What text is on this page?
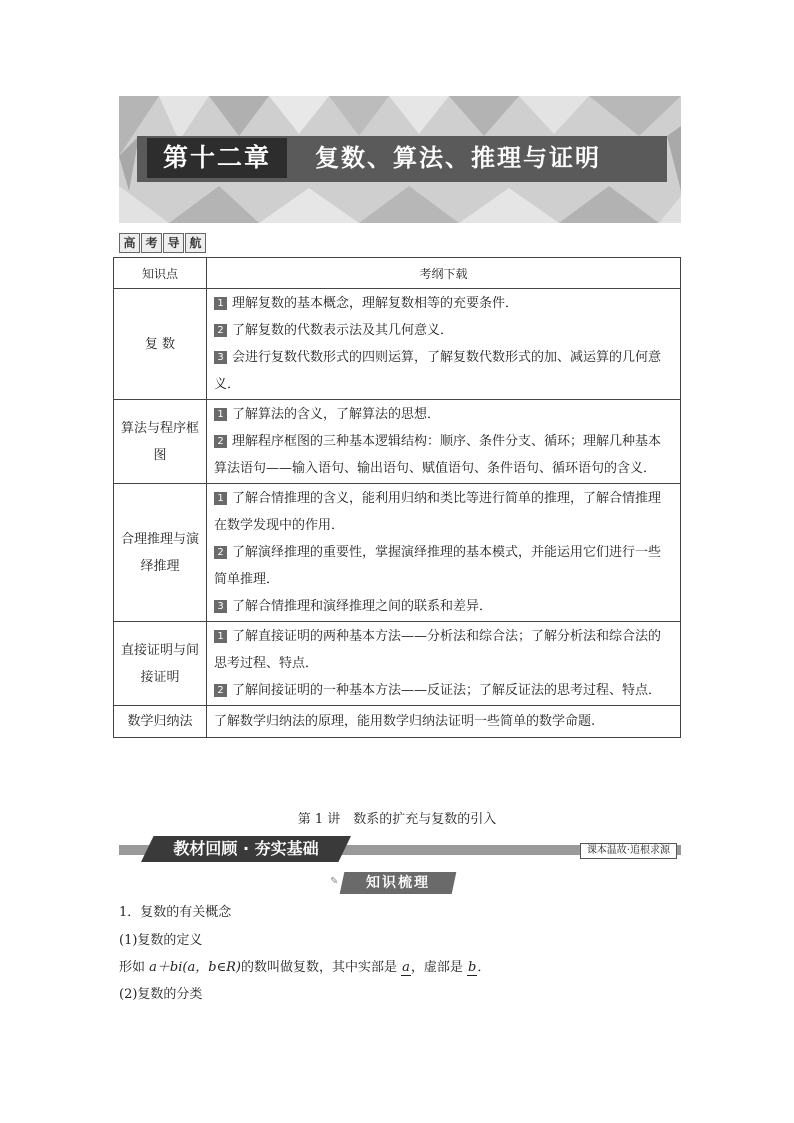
第十二章	复数、算法、推理与证明
高 考 导 航
知识点	考纲下载
复 数	1 理解复数的基本概念，理解复数相等的充要条件．
2 了解复数的代数表示法及其几何意义．
3 会进行复数代数形式的四则运算，了解复数代数形式的加、减运算的几何意义．

算法与程序框图	1 了解算法的含义，了解算法的思想．
2 理解程序框图的三种基本逻辑结构：顺序、条件分支、循环；理解几种基本算法语句——输入语句、输出语句、赋值语句、条件语句、循环语句的含义．

合理推理与演绎推理	1 了解合情推理的含义，能利用归纳和类比等进行简单的推理，了解合情推理在数学发现中的作用．
2 了解演绎推理的重要性，掌握演绎推理的基本模式，并能运用它们进行一些简单推理．
3 了解合情推理和演绎推理之间的联系和差异．

直接证明与间接证明	1 了解直接证明的两种基本方法——分析法和综合法；了解分析法和综合法的思考过程、特点．
2 了解间接证明的一种基本方法——反证法；了解反证法的思考过程、特点．

数学归纳法	了解数学归纳法的原理，能用数学归纳法证明一些简单的数学命题.
第 1 讲　数系的扩充与复数的引入
教材回顾 · 夯实基础	课本温故·追根求源
✎	知识梳理
1．复数的有关概念
(1)复数的定义
形如 a＋bi(a，b∈R)的数叫做复数，其中实部是 a，虚部是 b．
(2)复数的分类
